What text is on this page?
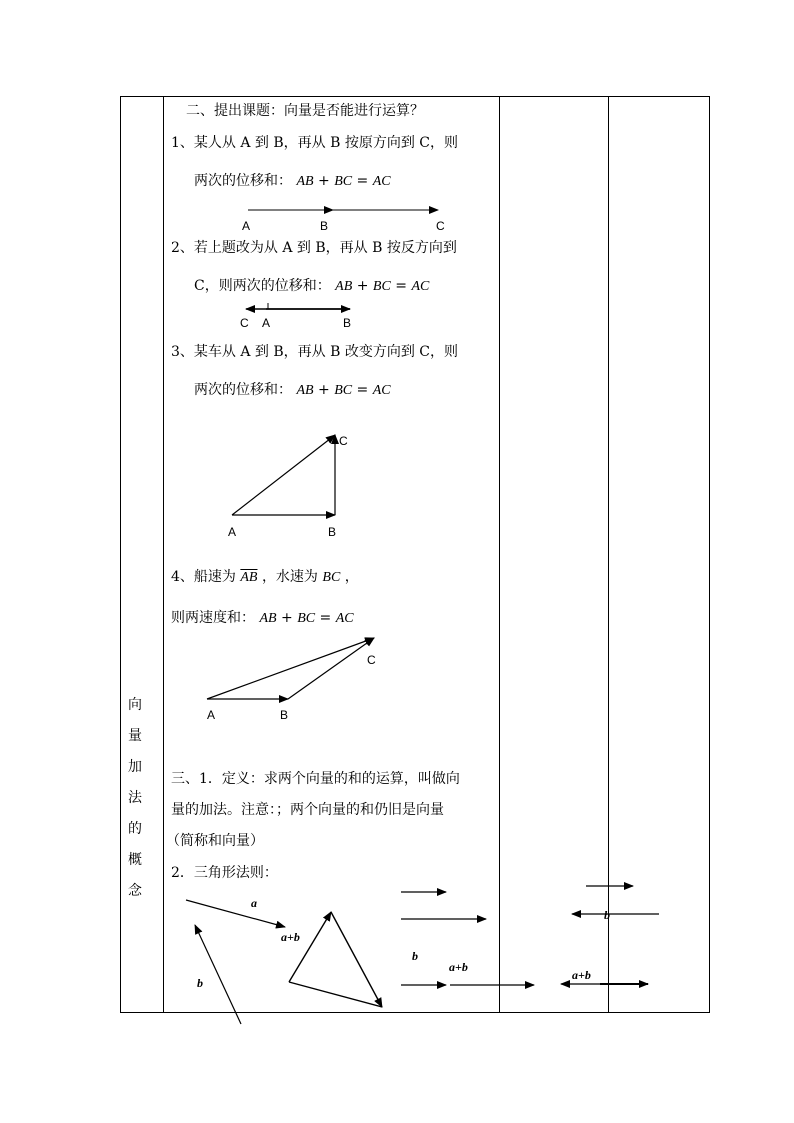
向
量
加
法
的
概
念
二、提出课题：向量是否能进行运算？
1、某人从 A 到 B，再从 B 按原方向到 C，则
两次的位移和： AB + BC = AC
2、若上题改为从 A 到 B，再从 B 按反方向到
C，则两次的位移和： AB + BC = AC
3、某车从 A 到 B，再从 B 改变方向到 C，则
两次的位移和： AB + BC = AC
4、船速为 $\overline{AB}$ ，水速为 BC ，
则两速度和： AB + BC = AC
三、1．定义：求两个向量的和的运算，叫做向
量的加法。注意：；两个向量的和仍旧是向量
（简称和向量）
2．三角形法则：
A	B	C
C A	B
C
A	B
C
A	B
a
a+b
b
b
a+b
b
a+b
